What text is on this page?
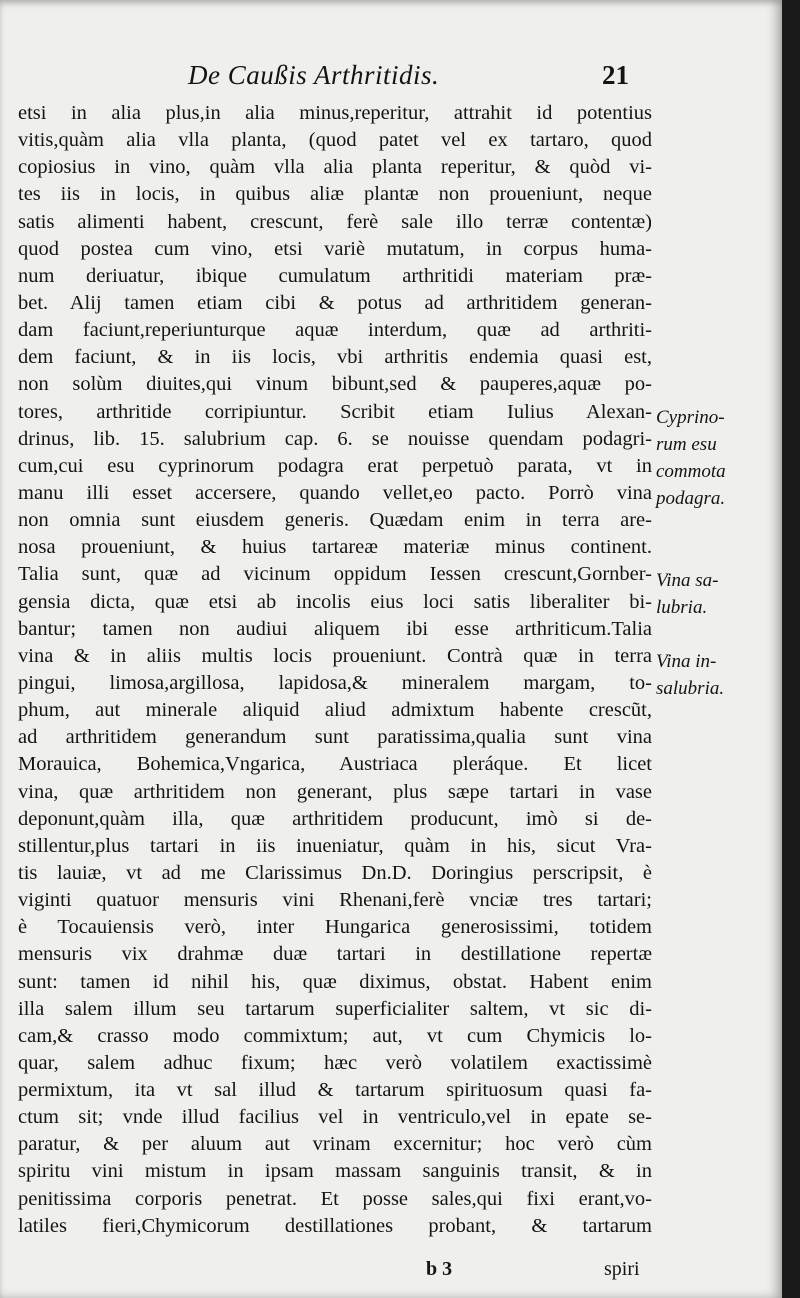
De Caußis Arthritidis.	21
etsi in alia plus,in alia minus,reperitur, attrahit id potentius
vitis,quàm alia vlla planta, (quod patet vel ex tartaro, quod
copiosius in vino, quàm vlla alia planta reperitur, & quòd vi-
tes iis in locis, in quibus aliæ plantæ non proueniunt, neque
satis alimenti habent, crescunt, ferè sale illo terræ contentæ)
quod postea cum vino, etsi variè mutatum, in corpus huma-
num deriuatur, ibique cumulatum arthritidi materiam præ-
bet. Alij tamen etiam cibi & potus ad arthritidem generan-
dam faciunt,reperiunturque aquæ interdum, quæ ad arthriti-
dem faciunt, & in iis locis, vbi arthritis endemia quasi est,
non solùm diuites,qui vinum bibunt,sed & pauperes,aquæ po-
tores, arthritide corripiuntur. Scribit etiam Iulius Alexan-
drinus, lib. 15. salubrium cap. 6. se nouisse quendam podagri-
cum,cui esu cyprinorum podagra erat perpetuò parata, vt in
manu illi esset accersere, quando vellet,eo pacto. Porrò vina
non omnia sunt eiusdem generis. Quædam enim in terra are-
nosa proueniunt, & huius tartareæ materiæ minus continent.
Talia sunt, quæ ad vicinum oppidum Iessen crescunt,Gornber-
gensia dicta, quæ etsi ab incolis eius loci satis liberaliter bi-
bantur; tamen non audiui aliquem ibi esse arthriticum.Talia
vina & in aliis multis locis proueniunt. Contrà quæ in terra
pingui, limosa,argillosa, lapidosa,& mineralem margam, to-
phum, aut minerale aliquid aliud admixtum habente crescũt,
ad arthritidem generandum sunt paratissima,qualia sunt vina
Morauica, Bohemica,Vngarica, Austriaca pleráque. Et licet
vina, quæ arthritidem non generant, plus sæpe tartari in vase
deponunt,quàm illa, quæ arthritidem producunt, imò si de-
stillentur,plus tartari in iis inueniatur, quàm in his, sicut Vra-
tis lauiæ, vt ad me Clarissimus Dn.D. Doringius perscripsit, è
viginti quatuor mensuris vini Rhenani,ferè vnciæ tres tartari;
è Tocauiensis verò, inter Hungarica generosissimi, totidem
mensuris vix drahmæ duæ tartari in destillatione repertæ
sunt: tamen id nihil his, quæ diximus, obstat. Habent enim
illa salem illum seu tartarum superficialiter saltem, vt sic di-
cam,& crasso modo commixtum; aut, vt cum Chymicis lo-
quar, salem adhuc fixum; hæc verò volatilem exactissimè
permixtum, ita vt sal illud & tartarum spirituosum quasi fa-
ctum sit; vnde illud facilius vel in ventriculo,vel in epate se-
paratur, & per aluum aut vrinam excernitur; hoc verò cùm
spiritu vini mistum in ipsam massam sanguinis transit, & in
penitissima corporis penetrat. Et posse sales,qui fixi erant,vo-
latiles fieri,Chymicorum destillationes probant, & tartarum
Cyprino-
rum esu
commota
podagra.
Vina sa-
lubria.
Vina in-
salubria.
b 3	spiri
